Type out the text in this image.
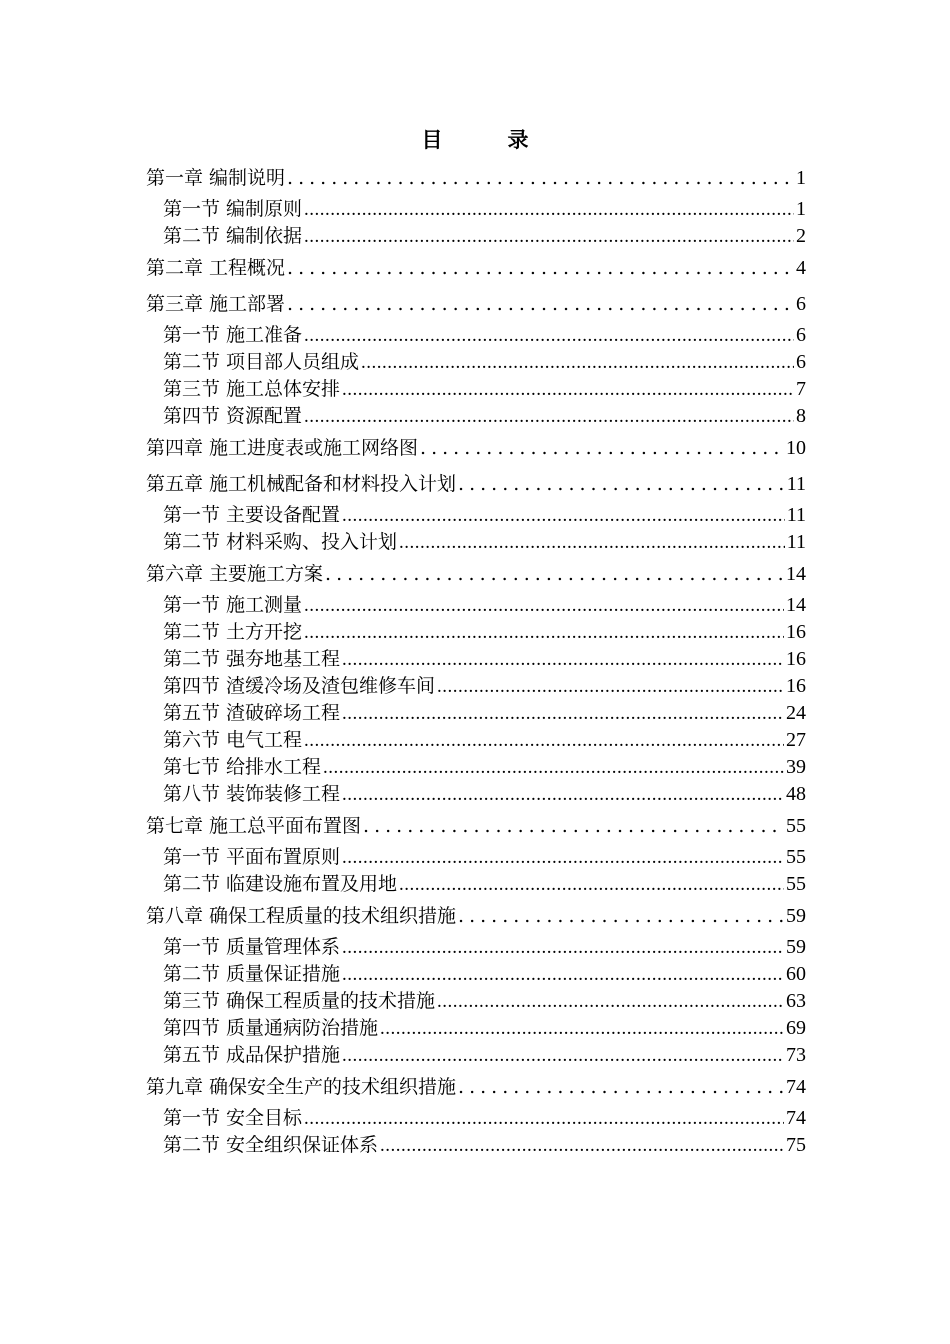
目　录
第一章 编制说明 .....	1
第一节 编制原则 .....	1
第二节 编制依据 .....	2
第二章 工程概况 .....	4
第三章 施工部署 .....	6
第一节 施工准备 .....	6
第二节 项目部人员组成 .....	6
第三节 施工总体安排 .....	7
第四节 资源配置 .....	8
第四章 施工进度表或施工网络图 .....	10
第五章 施工机械配备和材料投入计划 .....	11
第一节 主要设备配置 .....	11
第二节 材料采购、投入计划 .....	11
第六章 主要施工方案 .....	14
第一节 施工测量 .....	14
第二节 土方开挖 .....	16
第二节 强夯地基工程 .....	16
第四节 渣缓冷场及渣包维修车间 .....	16
第五节 渣破碎场工程 .....	24
第六节 电气工程 .....	27
第七节 给排水工程 .....	39
第八节 装饰装修工程 .....	48
第七章 施工总平面布置图 .....	55
第一节 平面布置原则 .....	55
第二节 临建设施布置及用地 .....	55
第八章 确保工程质量的技术组织措施 .....	59
第一节 质量管理体系 .....	59
第二节 质量保证措施 .....	60
第三节 确保工程质量的技术措施 .....	63
第四节 质量通病防治措施 .....	69
第五节 成品保护措施 .....	73
第九章 确保安全生产的技术组织措施 .....	74
第一节 安全目标 .....	74
第二节 安全组织保证体系 .....	75
